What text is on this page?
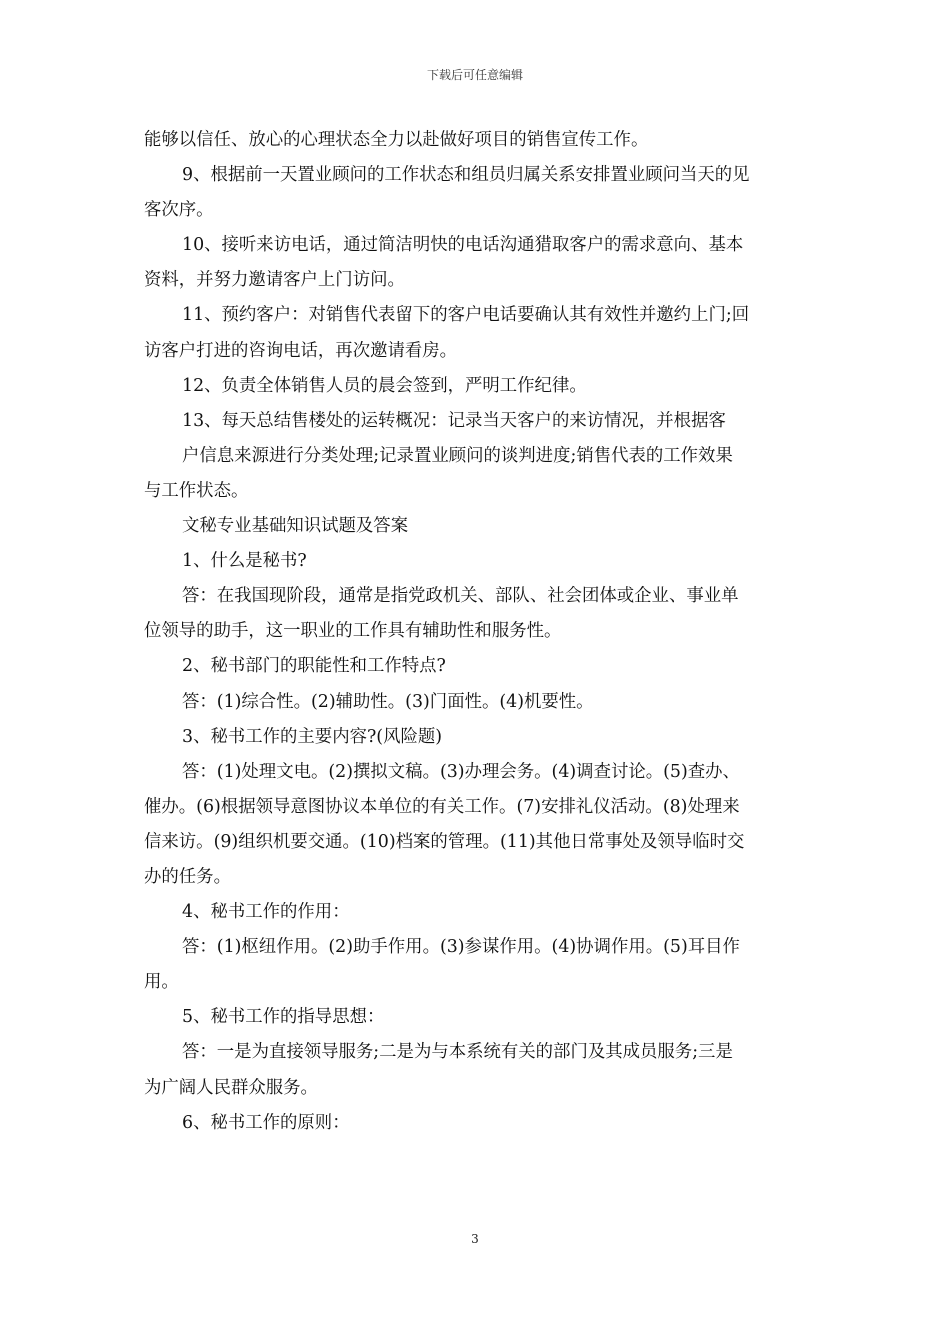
下载后可任意编辑
能够以信任、放心的心理状态全力以赴做好项目的销售宣传工作。
9、根据前一天置业顾问的工作状态和组员归属关系安排置业顾问当天的见
客次序。
10、接听来访电话，通过简洁明快的电话沟通猎取客户的需求意向、基本
资料，并努力邀请客户上门访问。
11、预约客户：对销售代表留下的客户电话要确认其有效性并邀约上门;回
访客户打进的咨询电话，再次邀请看房。
12、负责全体销售人员的晨会签到，严明工作纪律。
13、每天总结售楼处的运转概况：记录当天客户的来访情况，并根据客
户信息来源进行分类处理;记录置业顾问的谈判进度;销售代表的工作效果
与工作状态。
文秘专业基础知识试题及答案
1、什么是秘书?
答：在我国现阶段，通常是指党政机关、部队、社会团体或企业、事业单
位领导的助手，这一职业的工作具有辅助性和服务性。
2、秘书部门的职能性和工作特点?
答：(1)综合性。(2)辅助性。(3)门面性。(4)机要性。
3、秘书工作的主要内容?(风险题)
答：(1)处理文电。(2)撰拟文稿。(3)办理会务。(4)调查讨论。(5)查办、
催办。(6)根据领导意图协议本单位的有关工作。(7)安排礼仪活动。(8)处理来
信来访。(9)组织机要交通。(10)档案的管理。(11)其他日常事处及领导临时交
办的任务。
4、秘书工作的作用：
答：(1)枢纽作用。(2)助手作用。(3)参谋作用。(4)协调作用。(5)耳目作
用。
5、秘书工作的指导思想：
答：一是为直接领导服务;二是为与本系统有关的部门及其成员服务;三是
为广阔人民群众服务。
6、秘书工作的原则：
3
